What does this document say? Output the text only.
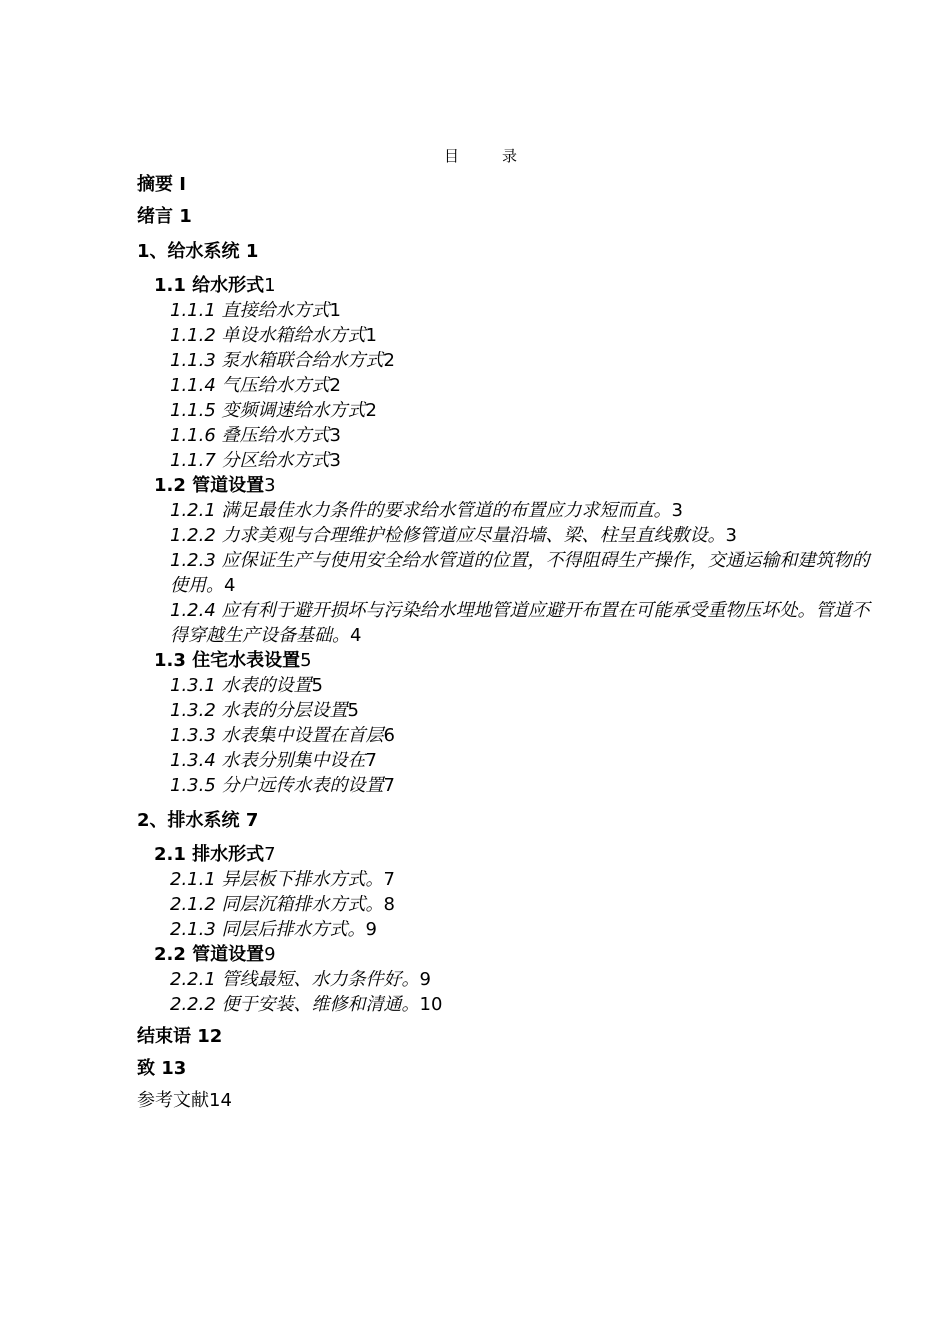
目　录
摘要 I
绪言 1
1、给水系统 1
1.1 给水形式1
1.1.1 直接给水方式1
1.1.2 单设水箱给水方式1
1.1.3 泵水箱联合给水方式2
1.1.4 气压给水方式2
1.1.5 变频调速给水方式2
1.1.6 叠压给水方式3
1.1.7 分区给水方式3
1.2 管道设置3
1.2.1 满足最佳水力条件的要求给水管道的布置应力求短而直。3
1.2.2 力求美观与合理维护检修管道应尽量沿墙、梁、柱呈直线敷设。3
1.2.3 应保证生产与使用安全给水管道的位置，不得阻碍生产操作，交通运输和建筑物的使用。4
1.2.4 应有利于避开损坏与污染给水埋地管道应避开布置在可能承受重物压坏处。管道不得穿越生产设备基础。4
1.3 住宅水表设置5
1.3.1 水表的设置5
1.3.2 水表的分层设置5
1.3.3 水表集中设置在首层6
1.3.4 水表分别集中设在7
1.3.5 分户远传水表的设置7
2、排水系统 7
2.1 排水形式7
2.1.1 异层板下排水方式。7
2.1.2 同层沉箱排水方式。8
2.1.3 同层后排水方式。9
2.2 管道设置9
2.2.1 管线最短、水力条件好。9
2.2.2 便于安装、维修和清通。10
结束语 12
致 13
参考文献14
